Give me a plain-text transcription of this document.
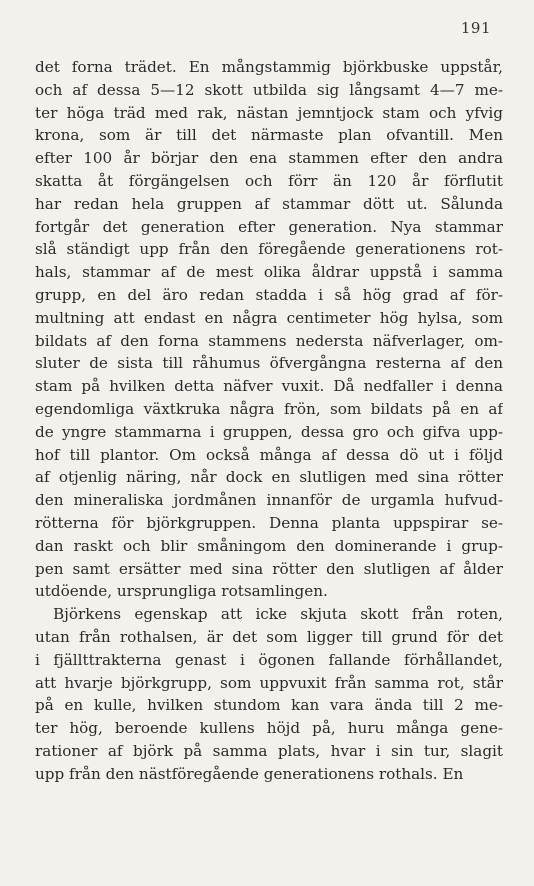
191
det forna trädet. En mångstammig björkbuske uppstår,
och af dessa 5—12 skott utbilda sig långsamt 4—7 me-
ter höga träd med rak, nästan jemntjock stam och yfvig
krona, som är till det närmaste plan ofvantill. Men
efter 100 år börjar den ena stammen efter den andra
skatta åt förgängelsen och förr än 120 år förflutit
har redan hela gruppen af stammar dött ut. Sålunda
fortgår det generation efter generation. Nya stammar
slå ständigt upp från den föregående generationens rot-
hals, stammar af de mest olika åldrar uppstå i samma
grupp, en del äro redan stadda i så hög grad af för-
multning att endast en några centimeter hög hylsa, som
bildats af den forna stammens nedersta näfverlager, om-
sluter de sista till råhumus öfvergångna resterna af den
stam på hvilken detta näfver vuxit. Då nedfaller i denna
egendomliga växtkruka några frön, som bildats på en af
de yngre stammarna i gruppen, dessa gro och gifva upp-
hof till plantor. Om också många af dessa dö ut i följd
af otjenlig näring, når dock en slutligen med sina rötter
den mineraliska jordmånen innanför de urgamla hufvud-
rötterna för björkgruppen. Denna planta uppspirar se-
dan raskt och blir småningom den dominerande i grup-
pen samt ersätter med sina rötter den slutligen af ålder
utdöende, ursprungliga rotsamlingen.
Björkens egenskap att icke skjuta skott från roten,
utan från rothalsen, är det som ligger till grund för det
i fjällttrakterna genast i ögonen fallande förhållandet,
att hvarje björkgrupp, som uppvuxit från samma rot, står
på en kulle, hvilken stundom kan vara ända till 2 me-
ter hög, beroende kullens höjd på, huru många gene-
rationer af björk på samma plats, hvar i sin tur, slagit
upp från den nästföregående generationens rothals. En
